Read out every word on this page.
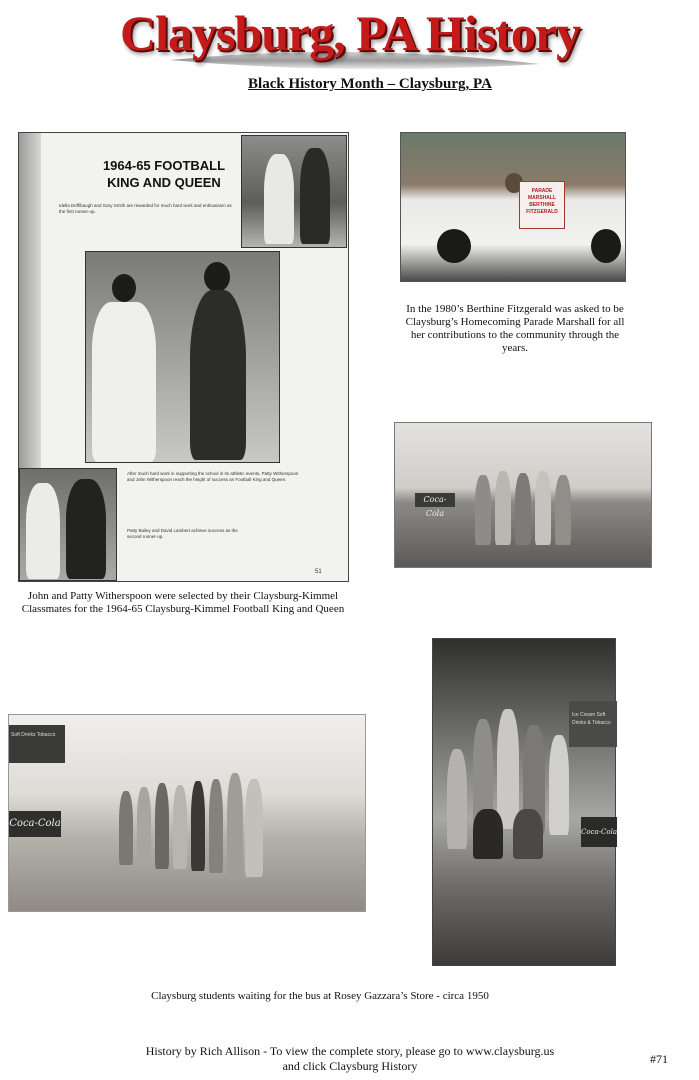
Claysburg, PA History
Black History Month – Claysburg, PA
1964-65 FOOTBALL
KING AND QUEEN
Idella Deffibaugh and Gary Smith are rewarded for much hard work and enthusiasm as the first runner-up.
After much hard work in supporting the school in its athletic events, Patty Witherspoon and John Witherspoon reach the height of success as Football King and Queen.
Patty Bailey and David Lambert achieve success as the second runner-up.
51
John and Patty Witherspoon were selected by their Claysburg-Kimmel Classmates for the 1964-65 Claysburg-Kimmel Football King and Queen
PARADE
MARSHALL
BERTHINE
FITZGERALD
In the 1980’s Berthine Fitzgerald was asked to be Claysburg’s Homecoming Parade Marshall for all her contributions to the community through the years.
Coca-Cola
Soft Drinks Tobacco
Coca-Cola
Ice Cream Soft Drinks & Tobacco
Coca-Cola
Claysburg students waiting for the bus at Rosey Gazzara’s Store - circa 1950
History by Rich Allison - To view the complete story, please go to www.claysburg.us
and click Claysburg History	#71
